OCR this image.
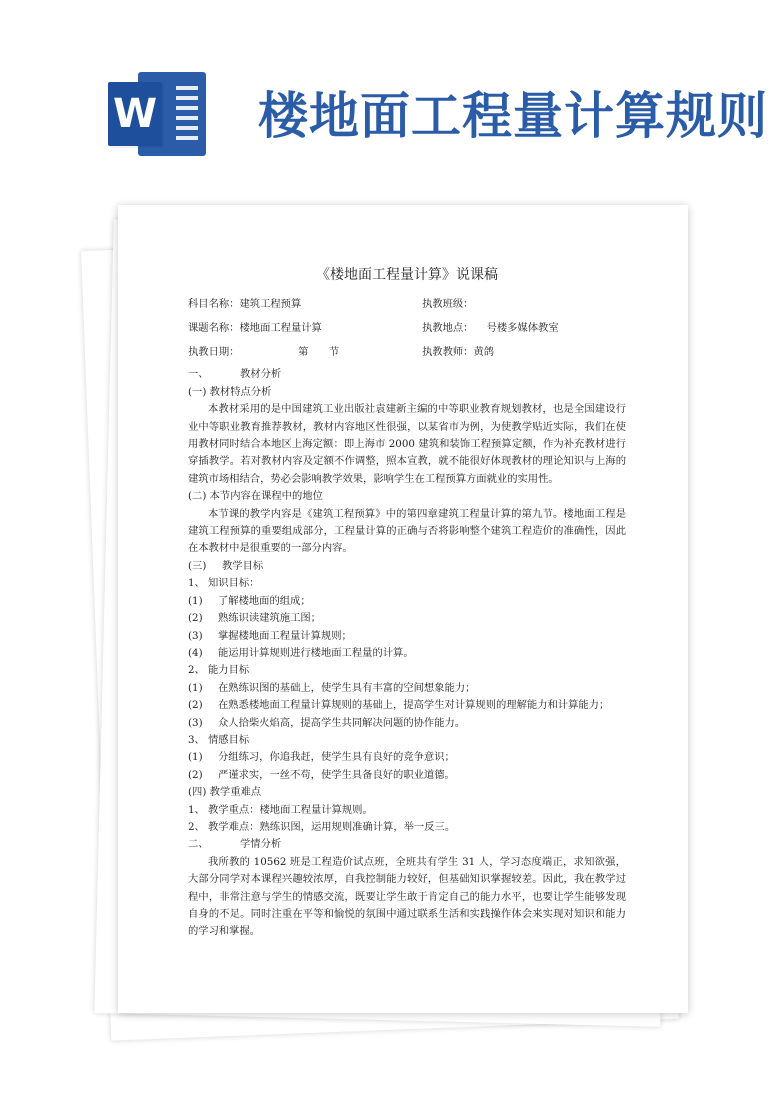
W 楼地面工程量计算规则
《楼地面工程量计算》说课稿
科目名称：建筑工程预算	执教班级：
课题名称：楼地面工程量计算	执教地点： 号楼多媒体教室
执教日期：	第　　节	执教教师：黄鸽

一、	教材分析

(一) 教材特点分析

本教材采用的是中国建筑工业出版社袁建新主编的中等职业教育规划教材，也是全国建设行业中等职业教育推荐教材，教材内容地区性很强，以某省市为例，为使教学贴近实际，我们在使用教材同时结合本地区上海定额：即上海市 2000 建筑和装饰工程预算定额，作为补充教材进行穿插教学。若对教材内容及定额不作调整，照本宣教，就不能很好体现教材的理论知识与上海的建筑市场相结合，势必会影响教学效果，影响学生在工程预算方面就业的实用性。

(二) 本节内容在课程中的地位

本节课的教学内容是《建筑工程预算》中的第四章建筑工程量计算的第九节。楼地面工程是建筑工程预算的重要组成部分，工程量计算的正确与否将影响整个建筑工程造价的准确性，因此在本教材中是很重要的一部分内容。

(三) 教学目标

1、 知识目标：

(1) 了解楼地面的组成；

(2) 熟练识读建筑施工图；

(3) 掌握楼地面工程量计算规则；

(4) 能运用计算规则进行楼地面工程量的计算。

2、 能力目标

(1) 在熟练识图的基础上，使学生具有丰富的空间想象能力；

(2) 在熟悉楼地面工程量计算规则的基础上，提高学生对计算规则的理解能力和计算能力；

(3) 众人拾柴火焰高，提高学生共同解决问题的协作能力。

3、 情感目标

(1) 分组练习，你追我赶，使学生具有良好的竞争意识；

(2) 严谨求实，一丝不苟，使学生具备良好的职业道德。

(四) 教学重难点

1、 教学重点：楼地面工程量计算规则。

2、 教学难点：熟练识图，运用规则准确计算，举一反三。

二、	学情分析

我所教的 10562 班是工程造价试点班，全班共有学生 31 人，学习态度端正，求知欲强，大部分同学对本课程兴趣较浓厚，自我控制能力较好，但基础知识掌握较差。因此，我在教学过程中，非常注意与学生的情感交流，既要让学生敢于肯定自己的能力水平，也要让学生能够发现自身的不足。同时注重在平等和愉悦的氛围中通过联系生活和实践操作体会来实现对知识和能力的学习和掌握。
